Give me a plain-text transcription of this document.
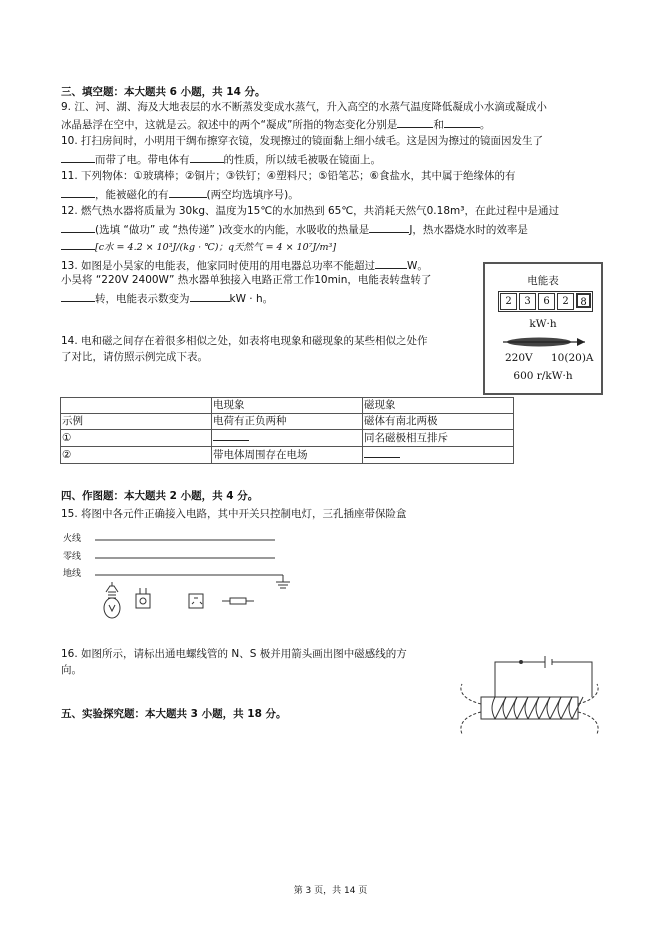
三、填空题：本大题共 6 小题，共 14 分。
9. 江、河、湖、海及大地表层的水不断蒸发变成水蒸气，升入高空的水蒸气温度降低凝成小水滴或凝成小
冰晶悬浮在空中，这就是云。叙述中的两个“凝成”所指的物态变化分别是	和	。
10. 打扫房间时，小明用干绸布擦穿衣镜，发现擦过的镜面黏上细小绒毛。这是因为擦过的镜面因发生了
而带了电。带电体有	的性质，所以绒毛被吸在镜面上。
11. 下列物体：①玻璃棒；②铜片；③铁钉；④塑料尺；⑤铅笔芯；⑥食盐水，其中属于绝缘体的有
，能被磁化的有	(两空均选填序号)。
12. 燃气热水器将质量为 30kg、温度为15℃的水加热到 65℃，共消耗天然气0.18m³，在此过程中是通过
(选填 “做功” 或 “热传递” )改变水的内能，水吸收的热量是	J，热水器烧水时的效率是
[c水 = 4.2 × 10³J/(kg · ℃)；q天然气 = 4 × 10⁷J/m³]
13. 如图是小昊家的电能表，他家同时使用的用电器总功率不能超过	W。
小昊将 “220V 2400W” 热水器单独接入电路正常工作10min，电能表转盘转了
转，电能表示数变为	kW · h。
电能表
2	3	6	2	8
kW·h
220V 10(20)A
600 r/kW·h
14. 电和磁之间存在着很多相似之处，如表将电现象和磁现象的某些相似之处作
了对比，请仿照示例完成下表。
	电现象	磁现象
示例	电荷有正负两种	磁体有南北两极
①		同名磁极相互排斥
②	带电体周围存在电场	
四、作图题：本大题共 2 小题，共 4 分。
15. 将图中各元件正确接入电路，其中开关只控制电灯，三孔插座带保险盒
火线
零线
地线
16. 如图所示，请标出通电螺线管的 N、S 极并用箭头画出图中磁感线的方
向。
五、实验探究题：本大题共 3 小题，共 18 分。
第 3 页，共 14 页
